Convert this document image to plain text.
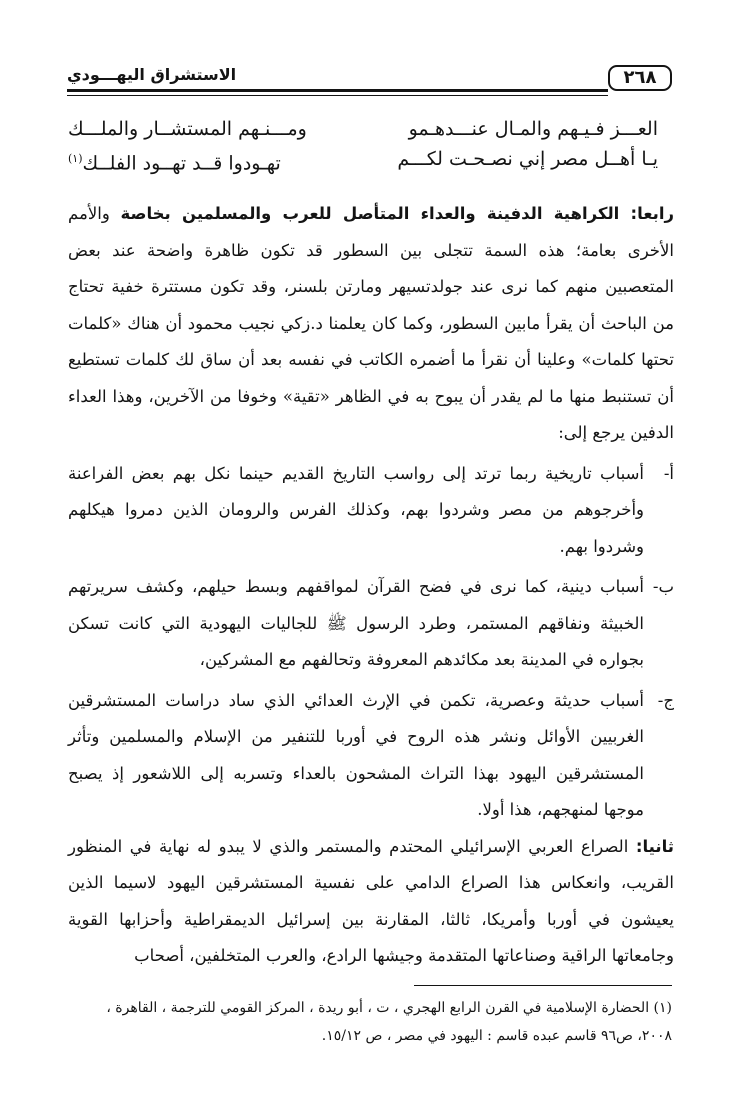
٢٦٨
الاستشراق اليهـــودي
العـــز فـيـهم والمـال عنـــدهـمو
ومـــنـهم المستشــار والملـــك
يـا أهــل مصر إني نصـحـت لكـــم
تهـودوا قــد تهــود الفلــك$^{(١)}$

رابعا: الكراهية الدفينة والعداء المتأصل للعرب والمسلمين بخاصة والأمم الأخرى بعامة؛ هذه السمة تتجلى بين السطور قد تكون ظاهرة واضحة عند بعض المتعصبين منهم كما نرى عند جولدتسيهر ومارتن بلسنر، وقد تكون مستترة خفية تحتاج من الباحث أن يقرأ مابين السطور، وكما كان يعلمنا د.زكي نجيب محمود أن هناك «كلمات تحتها كلمات» وعلينا أن نقرأ ما أضمره الكاتب في نفسه بعد أن ساق لك كلمات تستطيع أن تستنبط منها ما لم يقدر أن يبوح به في الظاهر «تقية» وخوفا من الآخرين، وهذا العداء الدفين يرجع إلى:

أ-
أسباب تاريخية ربما ترتد إلى رواسب التاريخ القديم حينما نكل بهم بعض الفراعنة وأخرجوهم من مصر وشردوا بهم، وكذلك الفرس والرومان الذين دمروا هيكلهم وشردوا بهم.
ب-
أسباب دينية، كما نرى في فضح القرآن لمواقفهم وبسط حيلهم، وكشف سريرتهم الخبيثة ونفاقهم المستمر، وطرد الرسول ﷺ للجاليات اليهودية التي كانت تسكن بجواره في المدينة بعد مكائدهم المعروفة وتحالفهم مع المشركين،
ج-
أسباب حديثة وعصرية، تكمن في الإرث العدائي الذي ساد دراسات المستشرقين الغربيين الأوائل ونشر هذه الروح في أوربا للتنفير من الإسلام والمسلمين وتأثر المستشرقين اليهود بهذا التراث المشحون بالعداء وتسربه إلى اللاشعور إذ يصبح موجها لمنهجهم، هذا أولا.

ثانيا: الصراع العربي الإسرائيلي المحتدم والمستمر والذي لا يبدو له نهاية في المنظور القريب، وانعكاس هذا الصراع الدامي على نفسية المستشرقين اليهود لاسيما الذين يعيشون في أوربا وأمريكا، ثالثا، المقارنة بين إسرائيل الديمقراطية وأحزابها القوية وجامعاتها الراقية وصناعاتها المتقدمة وجيشها الرادع، والعرب المتخلفين، أصحاب

(١) الحضارة الإسلامية في القرن الرابع الهجري ، ت ، أبو ريدة ، المركز القومي للترجمة ، القاهرة ،

٢٠٠٨، ص٩٦ قاسم عبده قاسم : اليهود في مصر ، ص ١٥/١٢.
